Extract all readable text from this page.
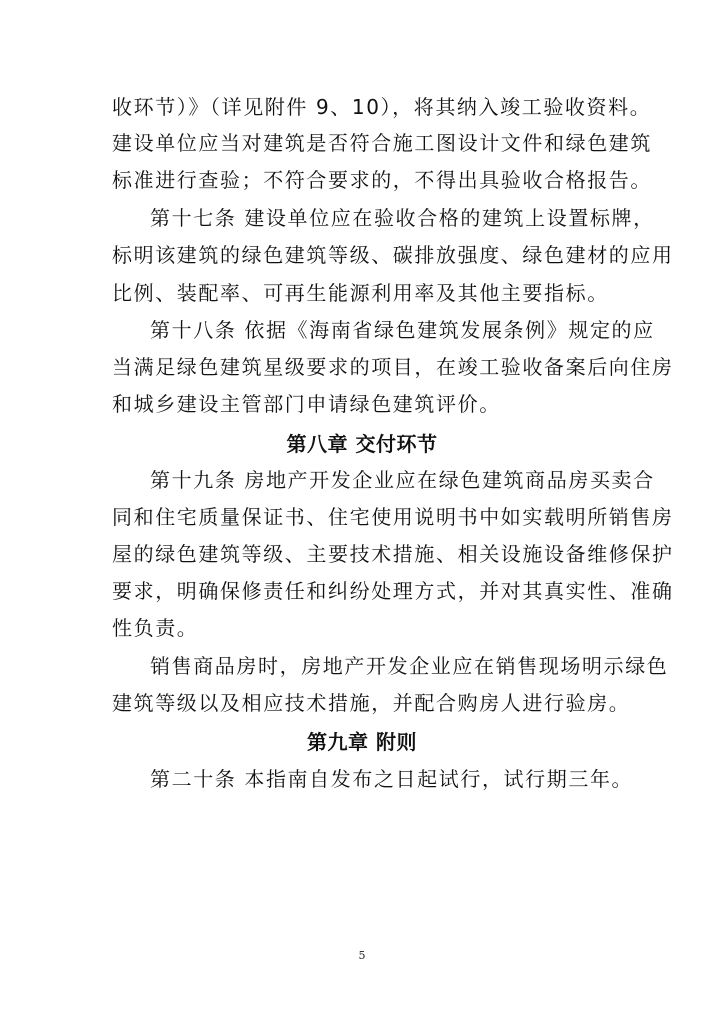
收环节）》（详见附件 9、10），将其纳入竣工验收资料。
建设单位应当对建筑是否符合施工图设计文件和绿色建筑
标准进行查验；不符合要求的，不得出具验收合格报告。
第十七条 建设单位应在验收合格的建筑上设置标牌，
标明该建筑的绿色建筑等级、碳排放强度、绿色建材的应用
比例、装配率、可再生能源利用率及其他主要指标。
第十八条 依据《海南省绿色建筑发展条例》规定的应
当满足绿色建筑星级要求的项目，在竣工验收备案后向住房
和城乡建设主管部门申请绿色建筑评价。
第八章 交付环节
第十九条 房地产开发企业应在绿色建筑商品房买卖合
同和住宅质量保证书、住宅使用说明书中如实载明所销售房
屋的绿色建筑等级、主要技术措施、相关设施设备维修保护
要求，明确保修责任和纠纷处理方式，并对其真实性、准确
性负责。
销售商品房时，房地产开发企业应在销售现场明示绿色
建筑等级以及相应技术措施，并配合购房人进行验房。
第九章 附则
第二十条 本指南自发布之日起试行，试行期三年。
5
